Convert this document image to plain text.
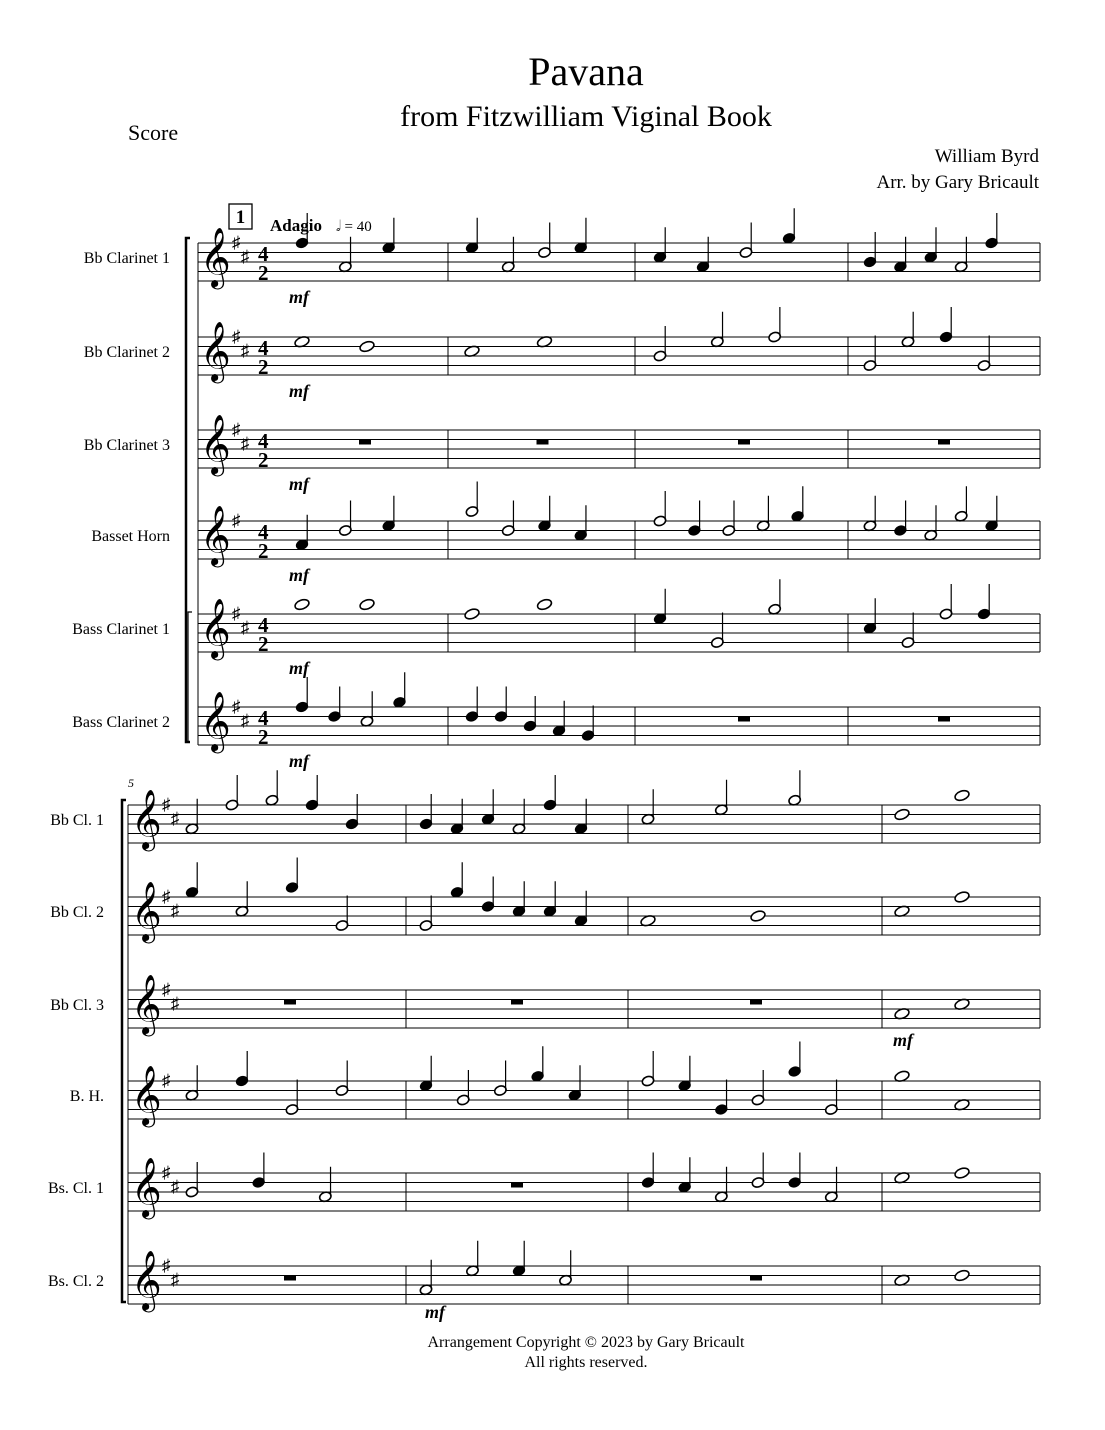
Pavana
from Fitzwilliam Viginal Book
Score
William Byrd
Arr. by Gary Bricault
1 Adagio 𝅗𝅥 = 40
Bb Clarinet 1 𝄞 ♯
♯ 4
2
mf
Bb Clarinet 2 𝄞 ♯
♯ 4
2
mf
Bb Clarinet 3 𝄞 ♯
♯ 4
2
mf
Basset Horn 𝄞 ♯ 4
2
mf
Bass Clarinet 1 𝄞 ♯
♯ 4
2
mf
Bass Clarinet 2 𝄞 ♯
♯ 4
2
mf
5
Bb Cl. 1 𝄞 ♯
♯
Bb Cl. 2 𝄞 ♯
♯
Bb Cl. 3 𝄞 ♯
♯
B. H. 𝄞 ♯
Bs. Cl. 1 𝄞 ♯
♯
Bs. Cl. 2 𝄞 ♯
♯
mf
mf
Arrangement Copyright © 2023 by Gary Bricault
All rights reserved.
